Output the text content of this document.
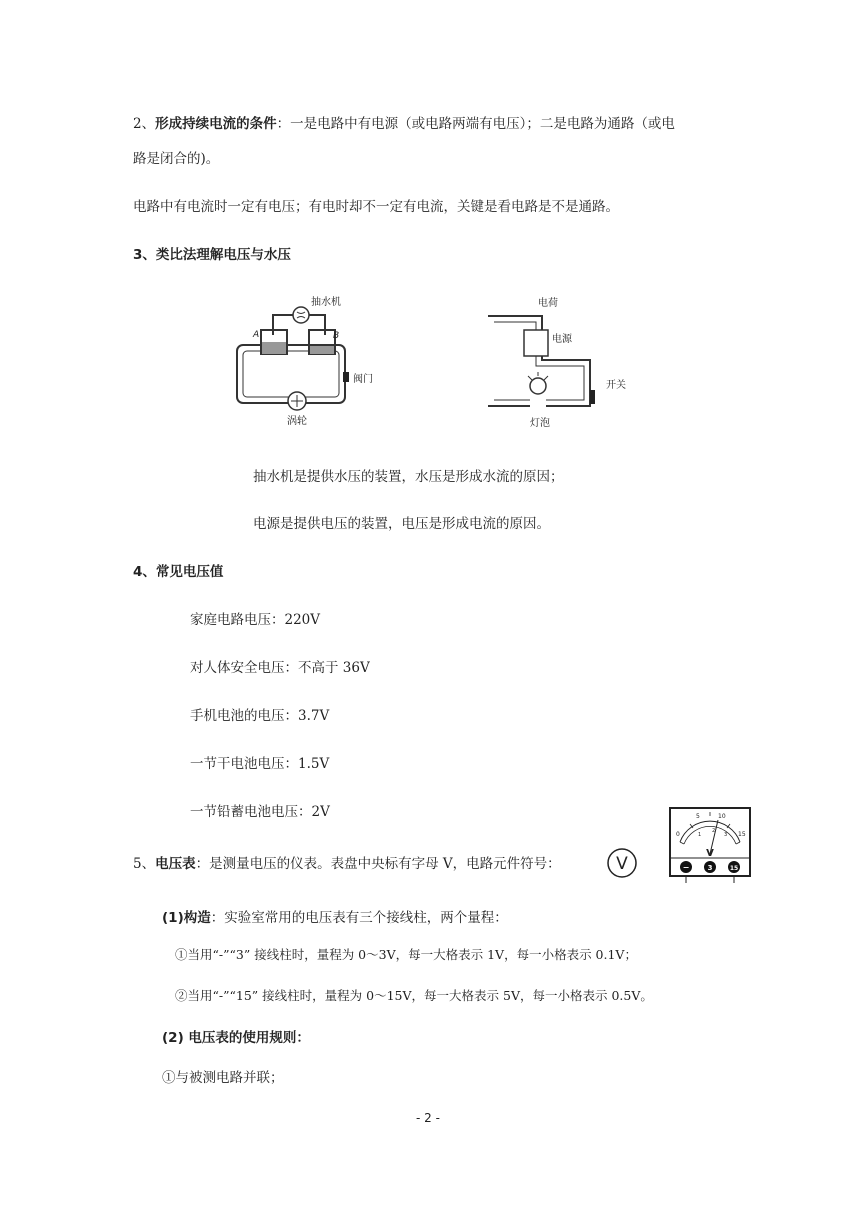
2、形成持续电流的条件：一是电路中有电源（或电路两端有电压）；二是电路为通路（或电
路是闭合的)。
电路中有电流时一定有电压；有电时却不一定有电流，关键是看电路是不是通路。
3、类比法理解电压与水压
抽水机
A	B
阀门
涡轮
电荷
电源
开关
灯泡
抽水机是提供水压的装置，水压是形成水流的原因；
电源是提供电压的装置，电压是形成电流的原因。
4、常见电压值
家庭电路电压：220V
对人体安全电压：不高于 36V
手机电池的电压：3.7V
一节干电池电压：1.5V
一节铅蓄电池电压：2V
5、电压表：是测量电压的仪表。表盘中央标有字母 V，电路元件符号：	V
0
5	10
15
1
2
3
V
−	3	15
(1)构造：实验室常用的电压表有三个接线柱，两个量程：
①当用“-”“3” 接线柱时，量程为 0～3V，每一大格表示 1V，每一小格表示 0.1V；
②当用“-”“15” 接线柱时，量程为 0～15V，每一大格表示 5V，每一小格表示 0.5V。
(2) 电压表的使用规则：
①与被测电路并联；
- 2 -
